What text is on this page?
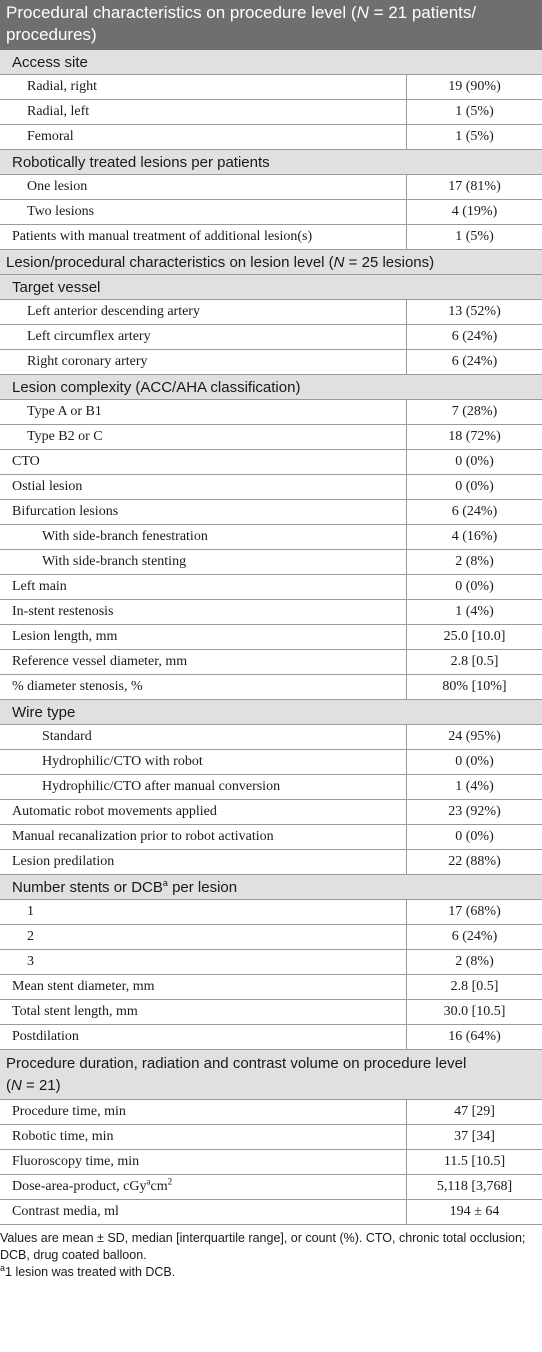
Procedural characteristics on procedure level (N = 21 patients/ procedures)
Access site
Radial, right	19 (90%)
Radial, left	1 (5%)
Femoral	1 (5%)
Robotically treated lesions per patients
One lesion	17 (81%)
Two lesions	4 (19%)
Patients with manual treatment of additional lesion(s)	1 (5%)
Lesion/procedural characteristics on lesion level (N = 25 lesions)
Target vessel
Left anterior descending artery	13 (52%)
Left circumflex artery	6 (24%)
Right coronary artery	6 (24%)
Lesion complexity (ACC/AHA classification)
Type A or B1	7 (28%)
Type B2 or C	18 (72%)
CTO	0 (0%)
Ostial lesion	0 (0%)
Bifurcation lesions	6 (24%)
With side-branch fenestration	4 (16%)
With side-branch stenting	2 (8%)
Left main	0 (0%)
In-stent restenosis	1 (4%)
Lesion length, mm	25.0 [10.0]
Reference vessel diameter, mm	2.8 [0.5]
% diameter stenosis, %	80% [10%]
Wire type
Standard	24 (95%)
Hydrophilic/CTO with robot	0 (0%)
Hydrophilic/CTO after manual conversion	1 (4%)
Automatic robot movements applied	23 (92%)
Manual recanalization prior to robot activation	0 (0%)
Lesion predilation	22 (88%)
Number stents or DCB$^a$ per lesion
1	17 (68%)
2	6 (24%)
3	2 (8%)
Mean stent diameter, mm	2.8 [0.5]
Total stent length, mm	30.0 [10.5]
Postdilation	16 (64%)
Procedure duration, radiation and contrast volume on procedure level
(N = 21)
Procedure time, min	47 [29]
Robotic time, min	37 [34]
Fluoroscopy time, min	11.5 [10.5]
Dose-area-product, $cGy^acm^2$	5,118 [3,768]
Contrast media, ml	194 ± 64
Values are mean ± SD, median [interquartile range], or count (%). CTO, chronic total occlusion; DCB, drug coated balloon.
$^a$1 lesion was treated with DCB.
